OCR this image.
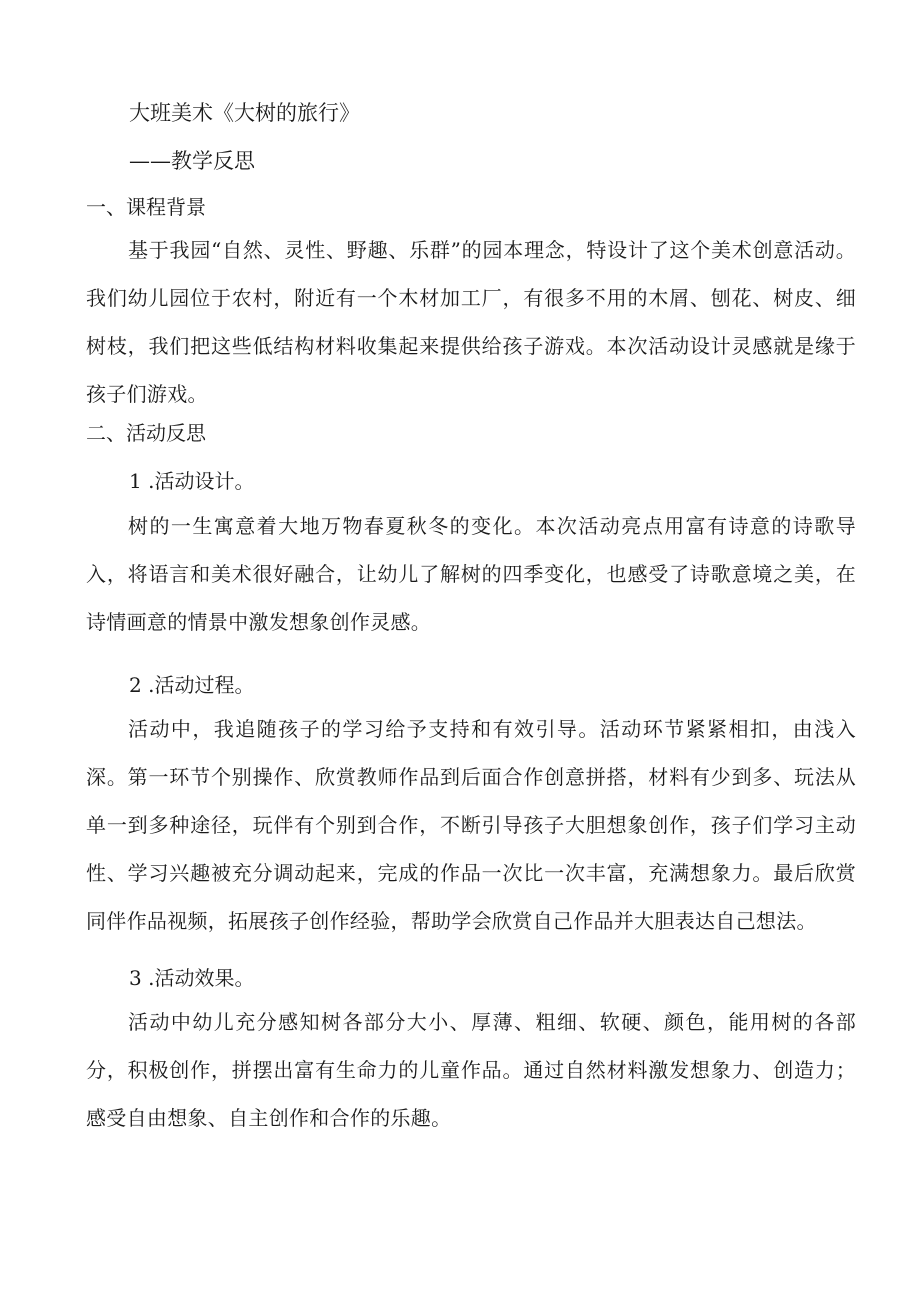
大班美术《大树的旅行》

——教学反思

一、课程背景

基于我园“自然、灵性、野趣、乐群”的园本理念，特设计了这个美术创意活动。我们幼儿园位于农村，附近有一个木材加工厂，有很多不用的木屑、刨花、树皮、细树枝，我们把这些低结构材料收集起来提供给孩子游戏。本次活动设计灵感就是缘于孩子们游戏。

二、活动反思

1 .活动设计。

树的一生寓意着大地万物春夏秋冬的变化。本次活动亮点用富有诗意的诗歌导入，将语言和美术很好融合，让幼儿了解树的四季变化，也感受了诗歌意境之美，在诗情画意的情景中激发想象创作灵感。

2 .活动过程。

活动中，我追随孩子的学习给予支持和有效引导。活动环节紧紧相扣，由浅入深。第一环节个别操作、欣赏教师作品到后面合作创意拼搭，材料有少到多、玩法从单一到多种途径，玩伴有个别到合作，不断引导孩子大胆想象创作，孩子们学习主动性、学习兴趣被充分调动起来，完成的作品一次比一次丰富，充满想象力。最后欣赏同伴作品视频，拓展孩子创作经验，帮助学会欣赏自己作品并大胆表达自己想法。

3 .活动效果。

活动中幼儿充分感知树各部分大小、厚薄、粗细、软硬、颜色，能用树的各部分，积极创作，拼摆出富有生命力的儿童作品。通过自然材料激发想象力、创造力；感受自由想象、自主创作和合作的乐趣。
